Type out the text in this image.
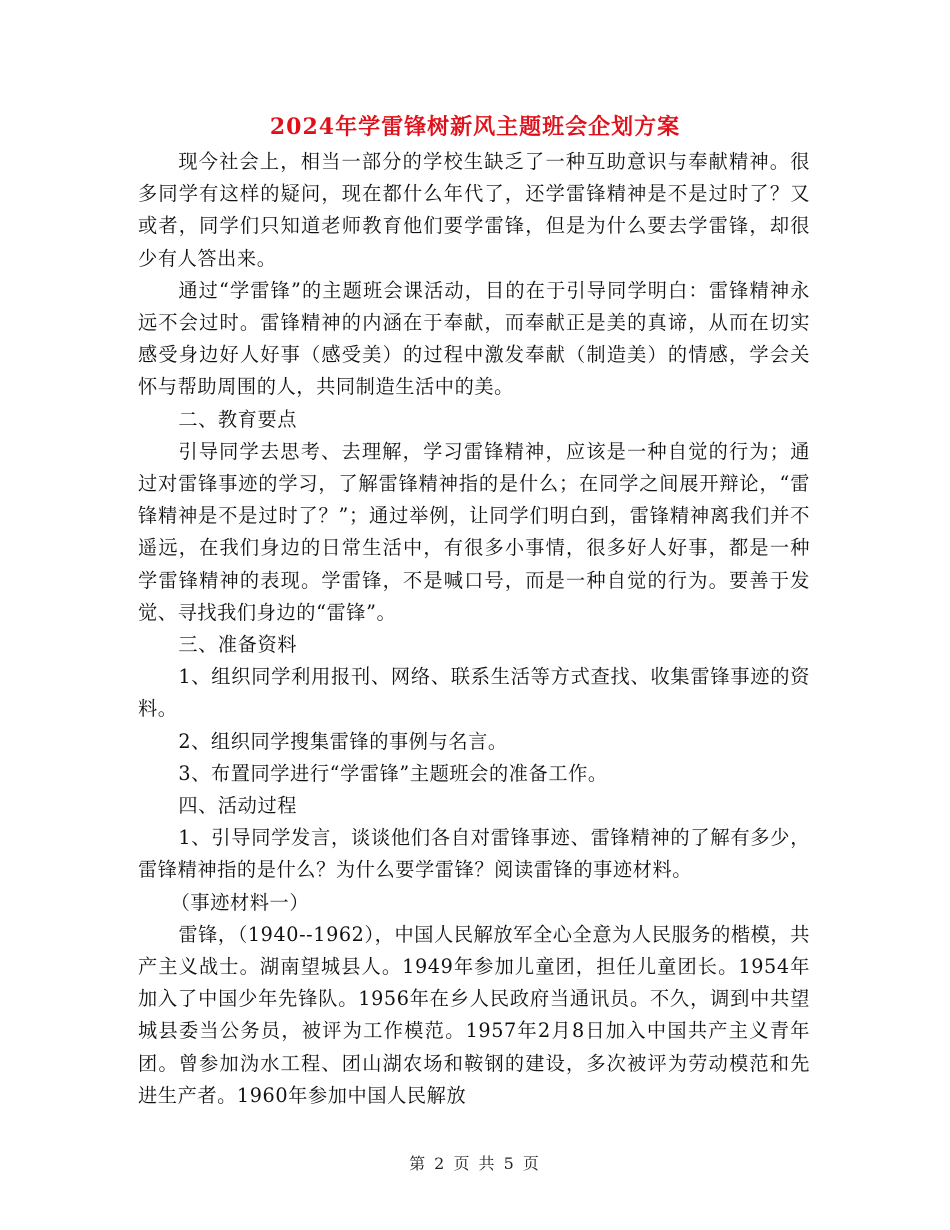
2024年学雷锋树新风主题班会企划方案

现今社会上，相当一部分的学校生缺乏了一种互助意识与奉献精神。很多同学有这样的疑问，现在都什么年代了，还学雷锋精神是不是过时了？又或者，同学们只知道老师教育他们要学雷锋，但是为什么要去学雷锋，却很少有人答出来。

通过“学雷锋”的主题班会课活动，目的在于引导同学明白：雷锋精神永远不会过时。雷锋精神的内涵在于奉献，而奉献正是美的真谛，从而在切实感受身边好人好事（感受美）的过程中激发奉献（制造美）的情感，学会关怀与帮助周围的人，共同制造生活中的美。

二、教育要点

引导同学去思考、去理解，学习雷锋精神，应该是一种自觉的行为；通过对雷锋事迹的学习，了解雷锋精神指的是什么；在同学之间展开辩论，“雷锋精神是不是过时了？”；通过举例，让同学们明白到，雷锋精神离我们并不遥远，在我们身边的日常生活中，有很多小事情，很多好人好事，都是一种学雷锋精神的表现。学雷锋，不是喊口号，而是一种自觉的行为。要善于发觉、寻找我们身边的“雷锋”。

三、准备资料

1、组织同学利用报刊、网络、联系生活等方式查找、收集雷锋事迹的资料。

2、组织同学搜集雷锋的事例与名言。

3、布置同学进行“学雷锋”主题班会的准备工作。

四、活动过程

1、引导同学发言，谈谈他们各自对雷锋事迹、雷锋精神的了解有多少，雷锋精神指的是什么？为什么要学雷锋？阅读雷锋的事迹材料。

（事迹材料一）

雷锋，（1940--1962），中国人民解放军全心全意为人民服务的楷模，共产主义战士。湖南望城县人。1949年参加儿童团，担任儿童团长。1954年加入了中国少年先锋队。1956年在乡人民政府当通讯员。不久，调到中共望城县委当公务员，被评为工作模范。1957年2月8日加入中国共产主义青年团。曾参加沩水工程、团山湖农场和鞍钢的建设，多次被评为劳动模范和先进生产者。1960年参加中国人民解放

第 2 页 共 5 页
